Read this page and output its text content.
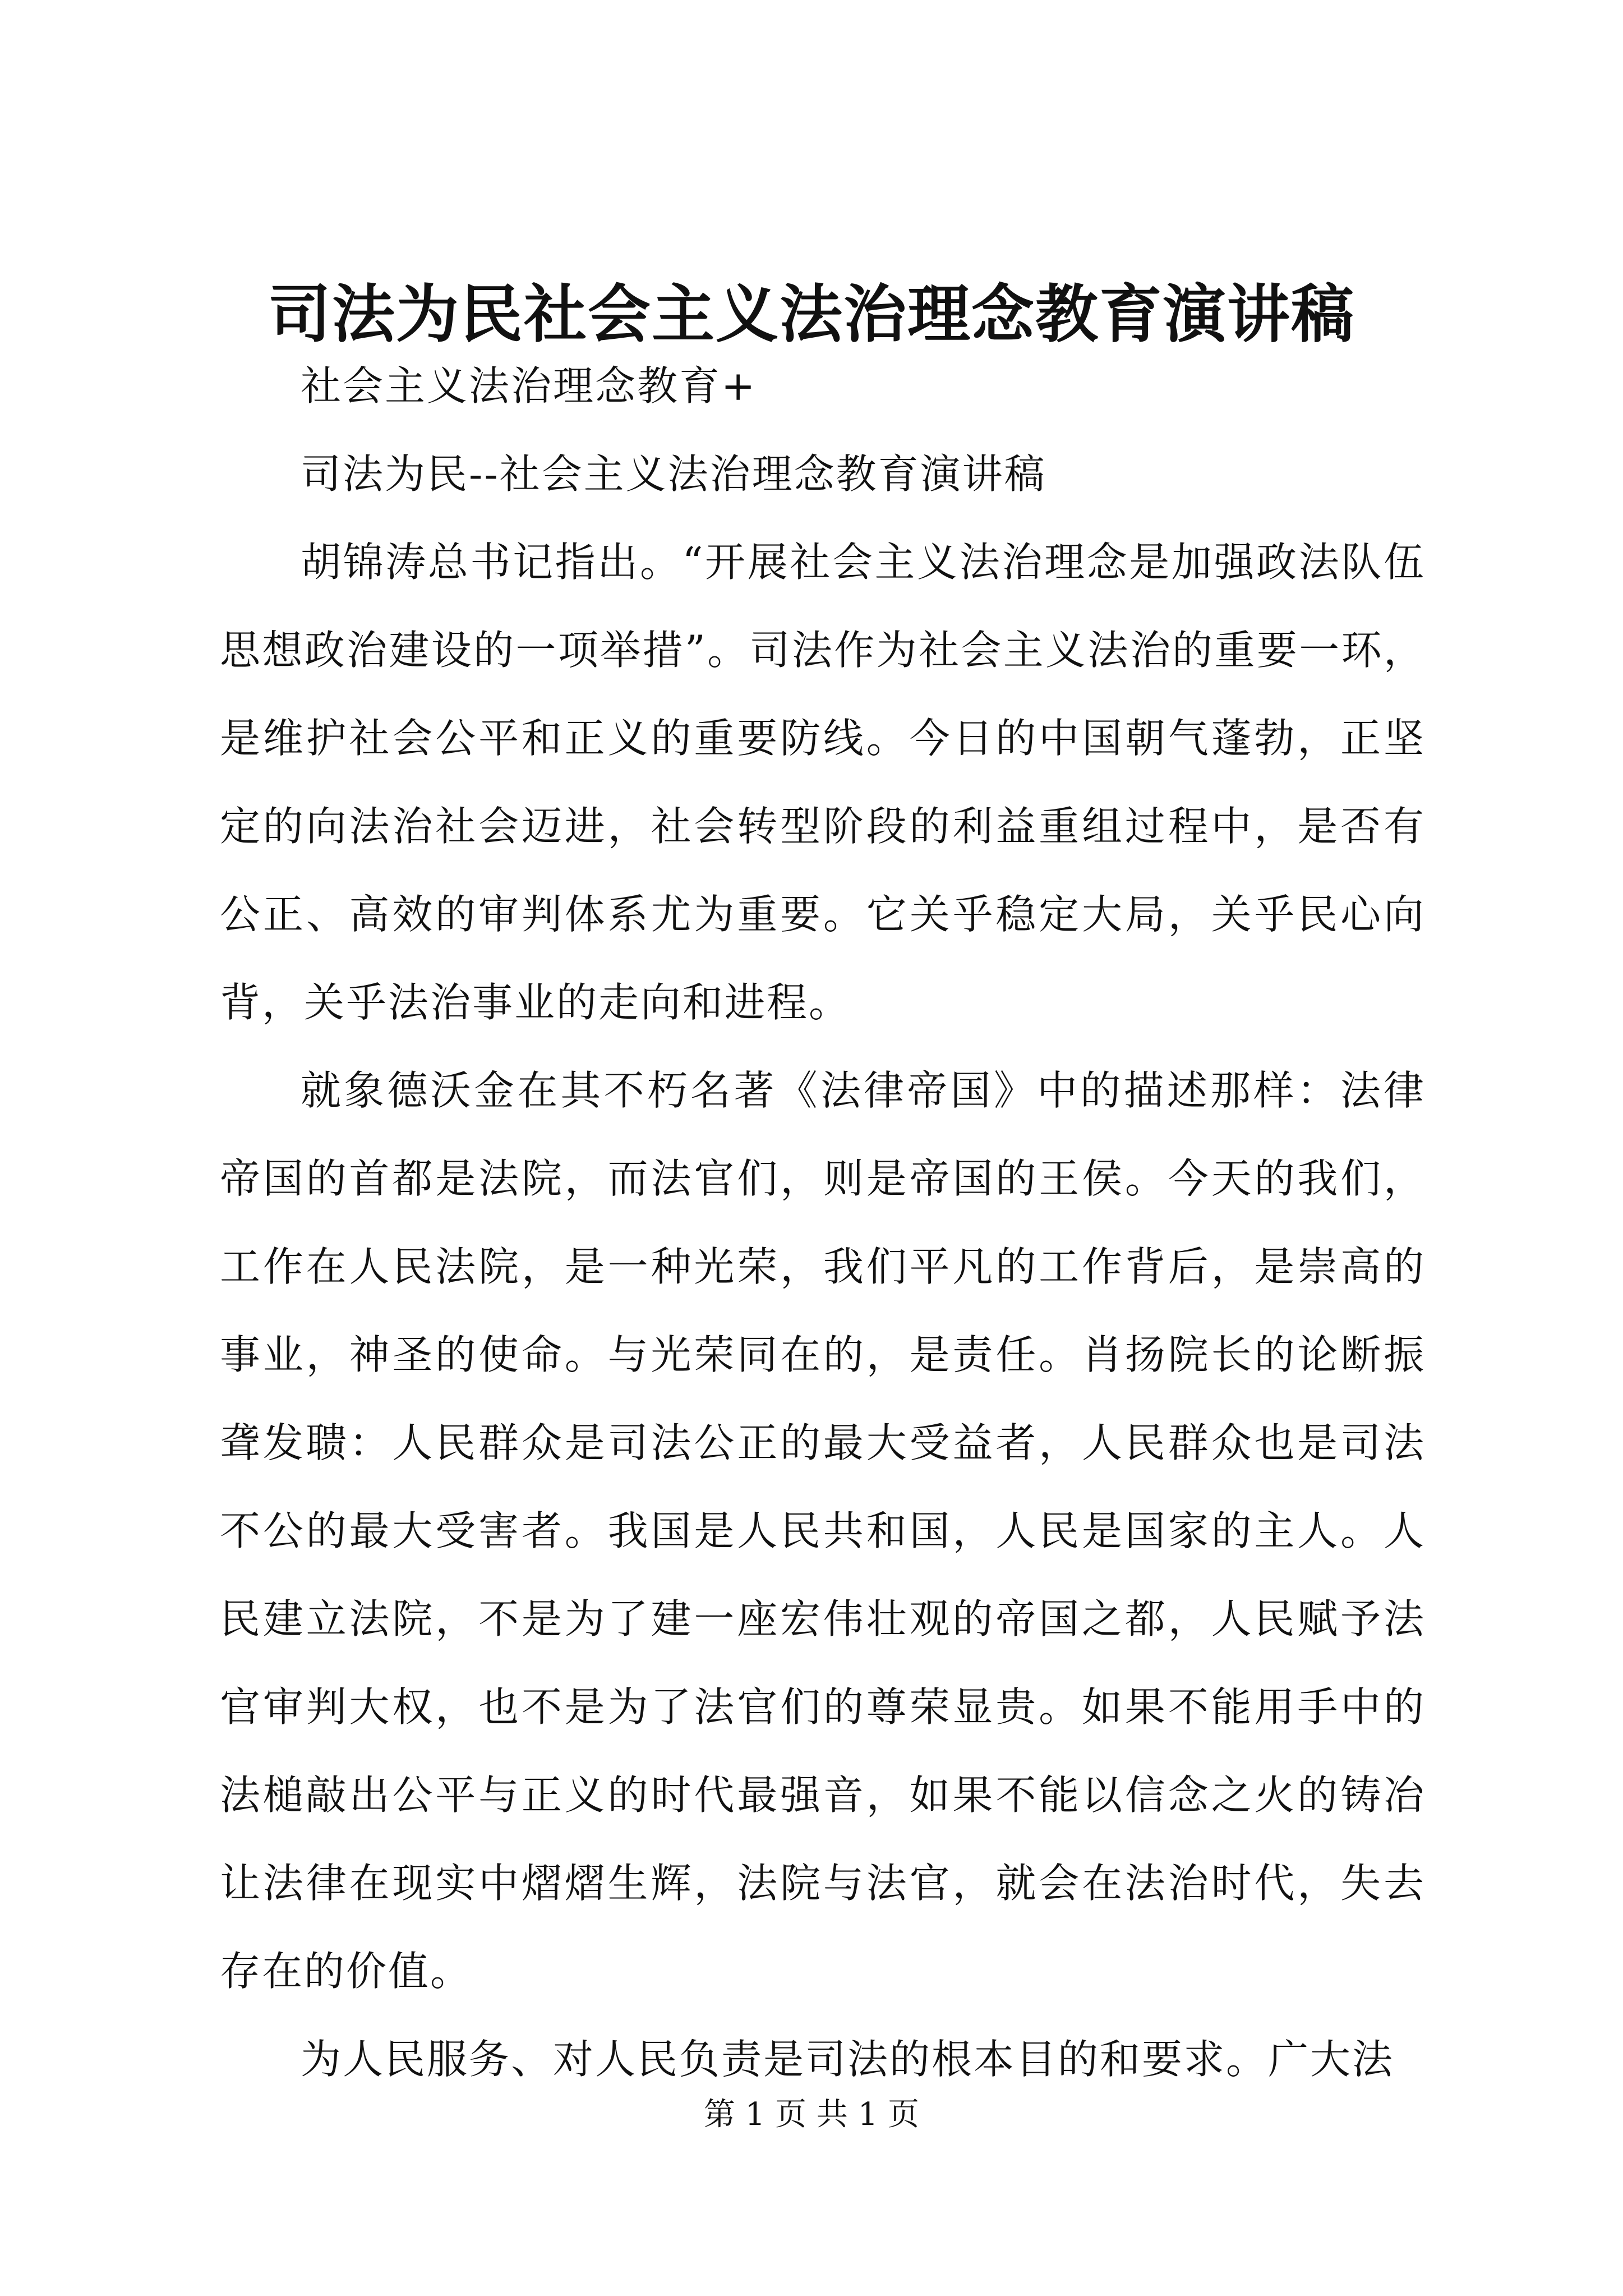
司法为民社会主义法治理念教育演讲稿

社会主义法治理念教育+

司法为民--社会主义法治理念教育演讲稿

胡锦涛总书记指出。“开展社会主义法治理念是加强政法队伍思想政治建设的一项举措”。司法作为社会主义法治的重要一环，是维护社会公平和正义的重要防线。今日的中国朝气蓬勃，正坚定的向法治社会迈进，社会转型阶段的利益重组过程中，是否有公正、高效的审判体系尤为重要。它关乎稳定大局，关乎民心向背，关乎法治事业的走向和进程。

就象德沃金在其不朽名著《法律帝国》中的描述那样：法律帝国的首都是法院，而法官们，则是帝国的王侯。今天的我们，工作在人民法院，是一种光荣，我们平凡的工作背后，是崇高的事业，神圣的使命。与光荣同在的，是责任。肖扬院长的论断振聋发聩：人民群众是司法公正的最大受益者，人民群众也是司法不公的最大受害者。我国是人民共和国，人民是国家的主人。人民建立法院，不是为了建一座宏伟壮观的帝国之都，人民赋予法官审判大权，也不是为了法官们的尊荣显贵。如果不能用手中的法槌敲出公平与正义的时代最强音，如果不能以信念之火的铸冶让法律在现实中熠熠生辉，法院与法官，就会在法治时代，失去存在的价值。

为人民服务、对人民负责是司法的根本目的和要求。广大法

第 1 页 共 1 页
